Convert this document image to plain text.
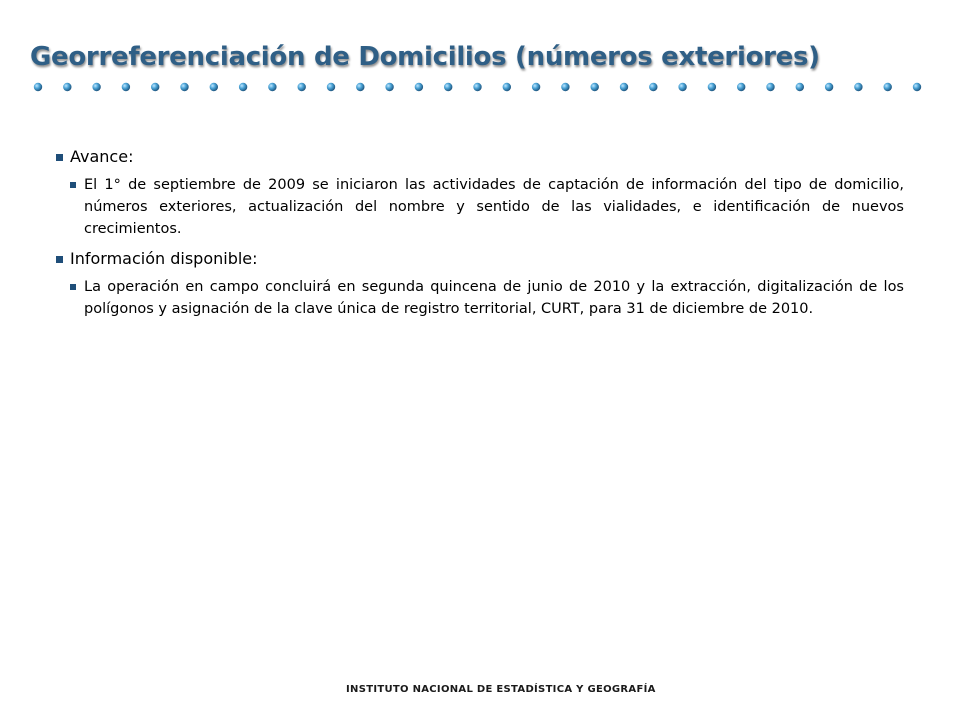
Georreferenciación de Domicilios (números exteriores)
Avance:
El 1° de septiembre de 2009 se iniciaron las actividades de captación de información del tipo de domicilio, números exteriores, actualización del nombre y sentido de las vialidades, e identificación de nuevos crecimientos.
Información disponible:
La operación en campo concluirá en segunda quincena de junio de 2010 y la extracción, digitalización de los polígonos y asignación de la clave única de registro territorial, CURT, para 31 de diciembre de 2010.
INSTITUTO NACIONAL DE ESTADÍSTICA Y GEOGRAFÍA
